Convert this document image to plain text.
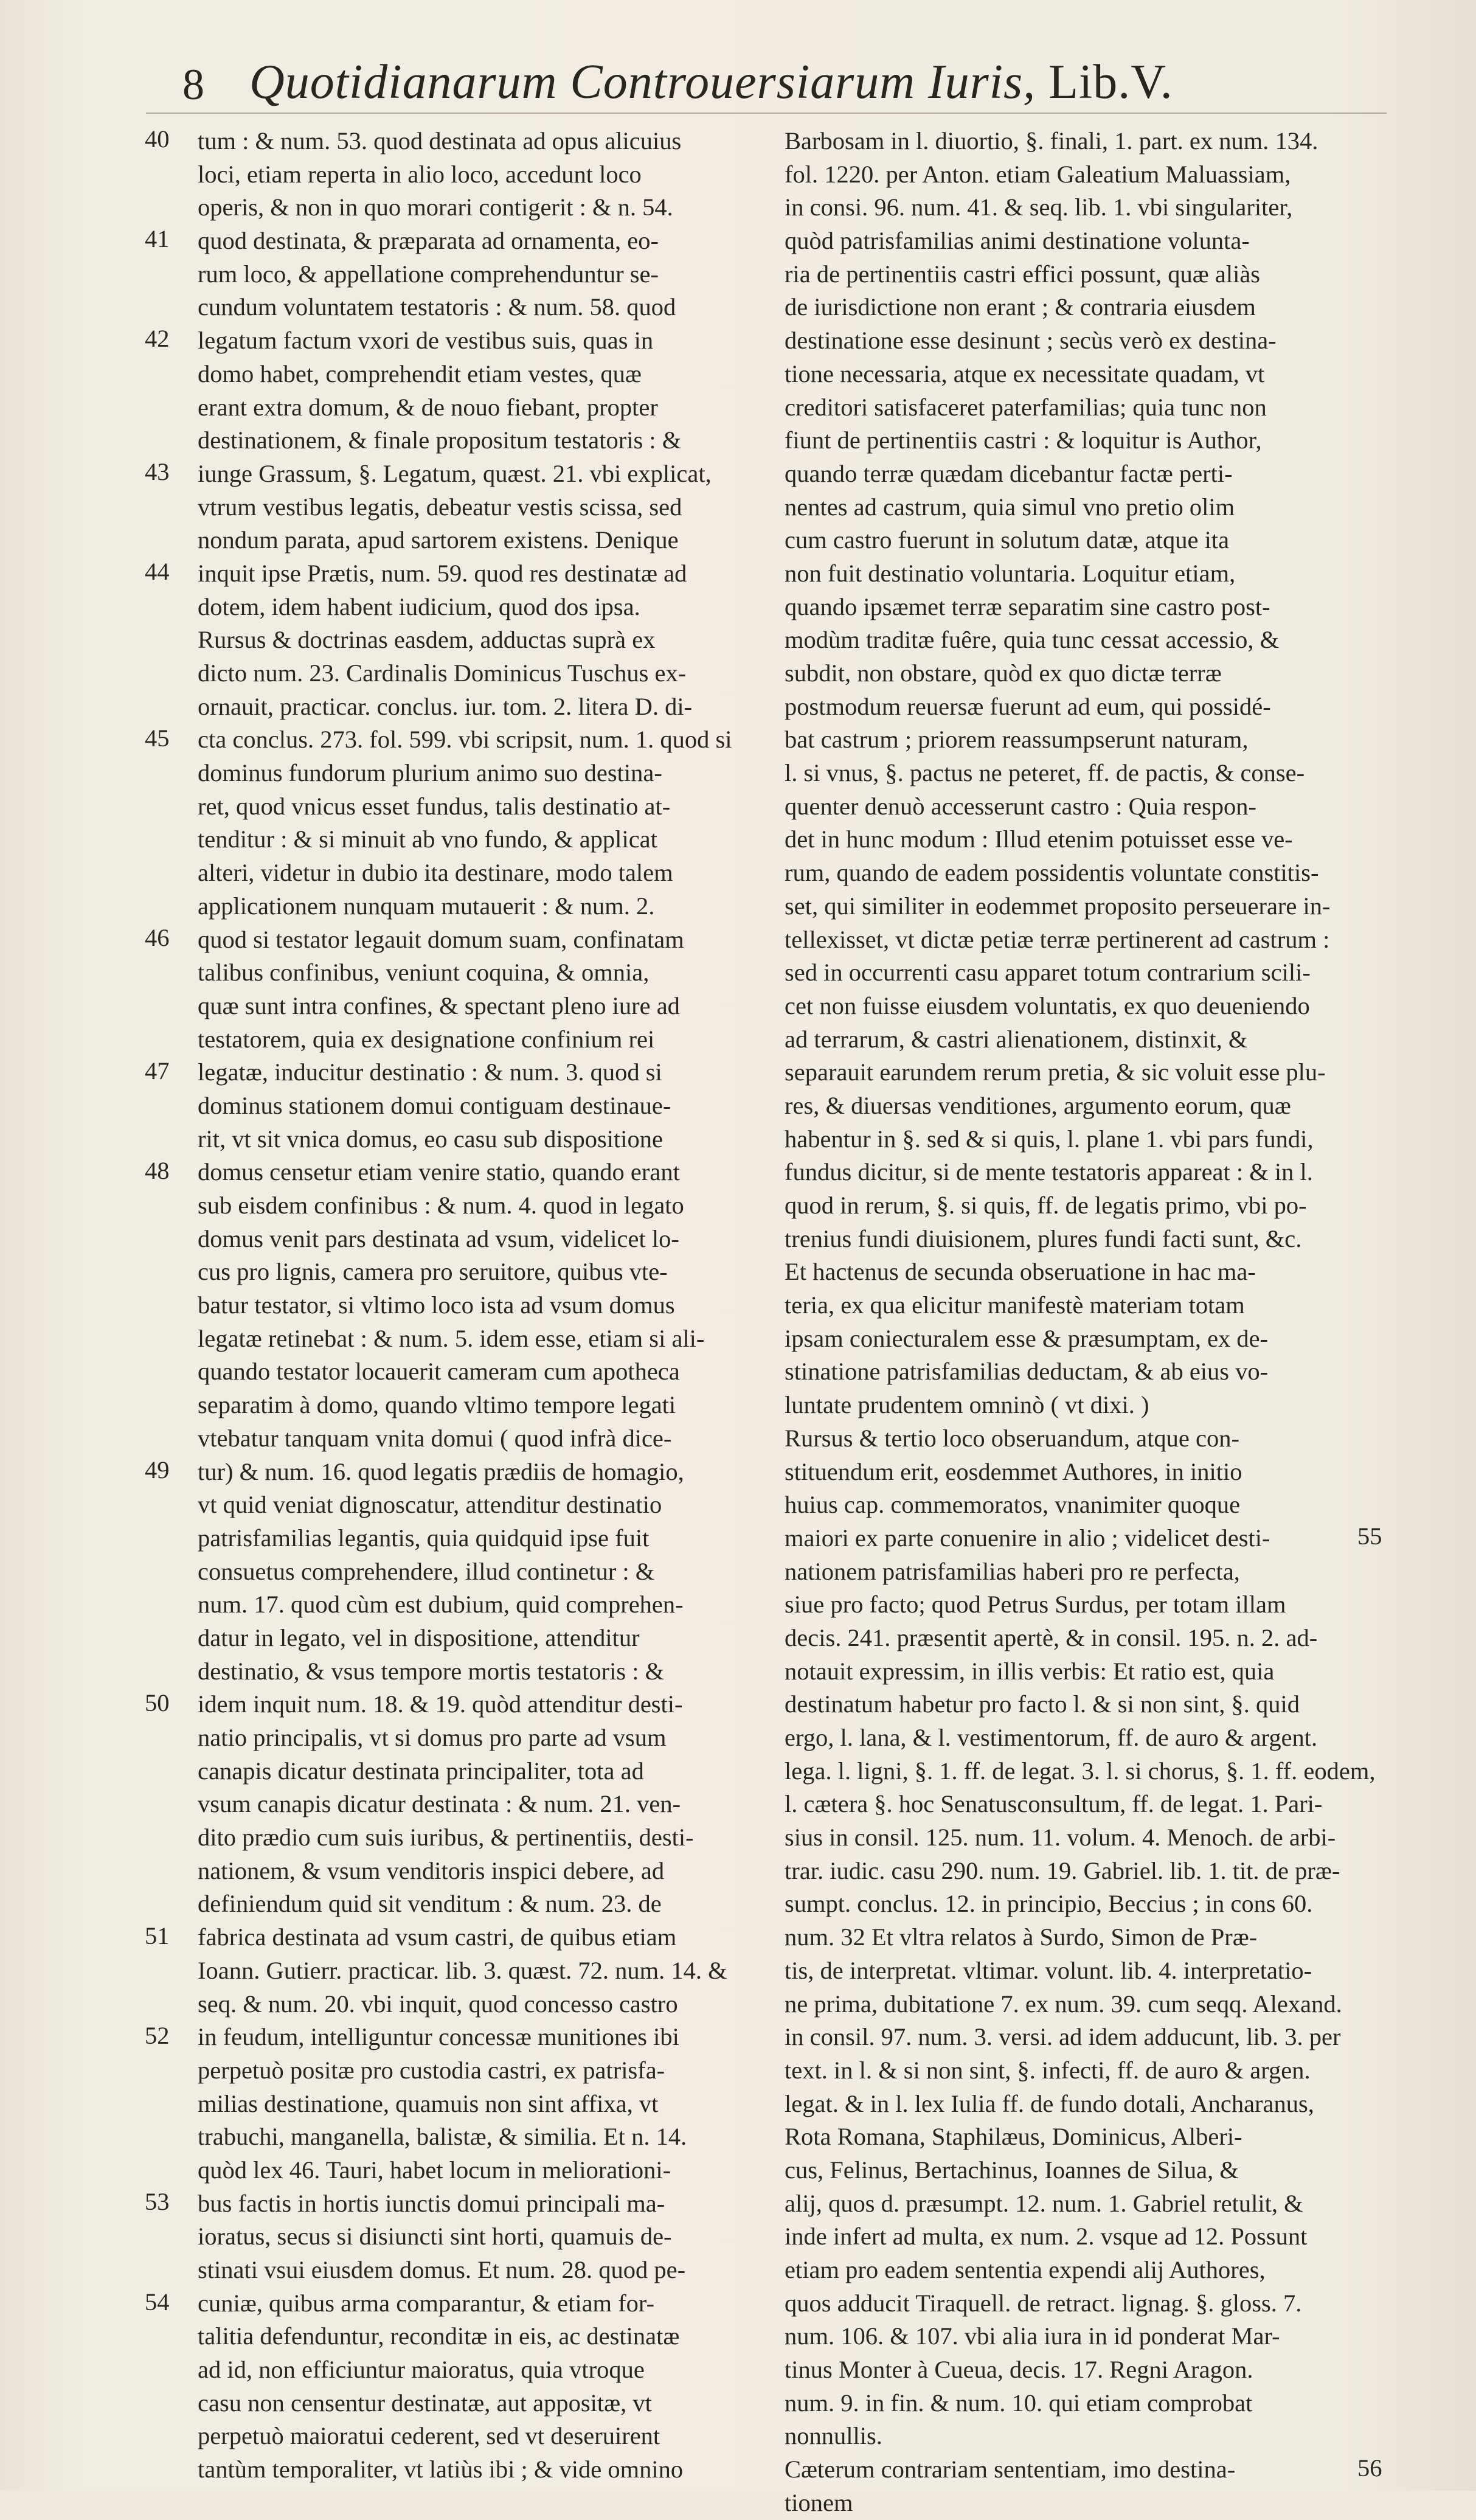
8 Quotidianarum Controuersiarum Iuris, Lib.V.
40
41
42
43
44
45
46
47
48
49
50
51
52
53
54
tum : & num. 53. quod destinata ad opus alicuius
loci, etiam reperta in alio loco, accedunt loco
operis, & non in quo morari contigerit : & n. 54.
quod destinata, & præparata ad ornamenta, eo-
rum loco, & appellatione comprehenduntur se-
cundum voluntatem testatoris : & num. 58. quod
legatum factum vxori de vestibus suis, quas in
domo habet, comprehendit etiam vestes, quæ
erant extra domum, & de nouo fiebant, propter
destinationem, & finale propositum testatoris : &
iunge Grassum, §. Legatum, quæst. 21. vbi explicat,
vtrum vestibus legatis, debeatur vestis scissa, sed
nondum parata, apud sartorem existens. Denique
inquit ipse Prætis, num. 59. quod res destinatæ ad
dotem, idem habent iudicium, quod dos ipsa.
Rursus & doctrinas easdem, adductas suprà ex
dicto num. 23. Cardinalis Dominicus Tuschus ex-
ornauit, practicar. conclus. iur. tom. 2. litera D. di-
cta conclus. 273. fol. 599. vbi scripsit, num. 1. quod si
dominus fundorum plurium animo suo destina-
ret, quod vnicus esset fundus, talis destinatio at-
tenditur : & si minuit ab vno fundo, & applicat
alteri, videtur in dubio ita destinare, modo talem
applicationem nunquam mutauerit : & num. 2.
quod si testator legauit domum suam, confinatam
talibus confinibus, veniunt coquina, & omnia,
quæ sunt intra confines, & spectant pleno iure ad
testatorem, quia ex designatione confinium rei
legatæ, inducitur destinatio : & num. 3. quod si
dominus stationem domui contiguam destinaue-
rit, vt sit vnica domus, eo casu sub dispositione
domus censetur etiam venire statio, quando erant
sub eisdem confinibus : & num. 4. quod in legato
domus venit pars destinata ad vsum, videlicet lo-
cus pro lignis, camera pro seruitore, quibus vte-
batur testator, si vltimo loco ista ad vsum domus
legatæ retinebat : & num. 5. idem esse, etiam si ali-
quando testator locauerit cameram cum apotheca
separatim à domo, quando vltimo tempore legati
vtebatur tanquam vnita domui ( quod infrà dice-
tur) & num. 16. quod legatis prædiis de homagio,
vt quid veniat dignoscatur, attenditur destinatio
patrisfamilias legantis, quia quidquid ipse fuit
consuetus comprehendere, illud continetur : &
num. 17. quod cùm est dubium, quid comprehen-
datur in legato, vel in dispositione, attenditur
destinatio, & vsus tempore mortis testatoris : &
idem inquit num. 18. & 19. quòd attenditur desti-
natio principalis, vt si domus pro parte ad vsum
canapis dicatur destinata principaliter, tota ad
vsum canapis dicatur destinata : & num. 21. ven-
dito prædio cum suis iuribus, & pertinentiis, desti-
nationem, & vsum venditoris inspici debere, ad
definiendum quid sit venditum : & num. 23. de
fabrica destinata ad vsum castri, de quibus etiam
Ioann. Gutierr. practicar. lib. 3. quæst. 72. num. 14. &
seq. & num. 20. vbi inquit, quod concesso castro
in feudum, intelliguntur concessæ munitiones ibi
perpetuò positæ pro custodia castri, ex patrisfa-
milias destinatione, quamuis non sint affixa, vt
trabuchi, manganella, balistæ, & similia. Et n. 14.
quòd lex 46. Tauri, habet locum in meliorationi-
bus factis in hortis iunctis domui principali ma-
ioratus, secus si disiuncti sint horti, quamuis de-
stinati vsui eiusdem domus. Et num. 28. quod pe-
cuniæ, quibus arma comparantur, & etiam for-
talitia defenduntur, reconditæ in eis, ac destinatæ
ad id, non efficiuntur maioratus, quia vtroque
casu non censentur destinatæ, aut appositæ, vt
perpetuò maioratui cederent, sed vt deseruirent
tantùm temporaliter, vt latiùs ibi ; & vide omnino
Barbosam in l. diuortio, §. finali, 1. part. ex num. 134.
fol. 1220. per Anton. etiam Galeatium Maluassiam,
in consi. 96. num. 41. & seq. lib. 1. vbi singulariter,
quòd patrisfamilias animi destinatione volunta-
ria de pertinentiis castri effici possunt, quæ aliàs
de iurisdictione non erant ; & contraria eiusdem
destinatione esse desinunt ; secùs verò ex destina-
tione necessaria, atque ex necessitate quadam, vt
creditori satisfaceret paterfamilias; quia tunc non
fiunt de pertinentiis castri : & loquitur is Author,
quando terræ quædam dicebantur factæ perti-
nentes ad castrum, quia simul vno pretio olim
cum castro fuerunt in solutum datæ, atque ita
non fuit destinatio voluntaria. Loquitur etiam,
quando ipsæmet terræ separatim sine castro post-
modùm traditæ fuêre, quia tunc cessat accessio, &
subdit, non obstare, quòd ex quo dictæ terræ
postmodum reuersæ fuerunt ad eum, qui possidé-
bat castrum ; priorem reassumpserunt naturam,
l. si vnus, §. pactus ne peteret, ff. de pactis, & conse-
quenter denuò accesserunt castro : Quia respon-
det in hunc modum : Illud etenim potuisset esse ve-
rum, quando de eadem possidentis voluntate constitis-
set, qui similiter in eodemmet proposito perseuerare in-
tellexisset, vt dictæ petiæ terræ pertinerent ad castrum :
sed in occurrenti casu apparet totum contrarium scili-
cet non fuisse eiusdem voluntatis, ex quo deueniendo
ad terrarum, & castri alienationem, distinxit, &
separauit earundem rerum pretia, & sic voluit esse plu-
res, & diuersas venditiones, argumento eorum, quæ
habentur in §. sed & si quis, l. plane 1. vbi pars fundi,
fundus dicitur, si de mente testatoris appareat : & in l.
quod in rerum, §. si quis, ff. de legatis primo, vbi po-
trenius fundi diuisionem, plures fundi facti sunt, &c.
Et hactenus de secunda obseruatione in hac ma-
teria, ex qua elicitur manifestè materiam totam
ipsam coniecturalem esse & præsumptam, ex de-
stinatione patrisfamilias deductam, & ab eius vo-
luntate prudentem omninò ( vt dixi. )
Rursus & tertio loco obseruandum, atque con-
stituendum erit, eosdemmet Authores, in initio
huius cap. commemoratos, vnanimiter quoque
maiori ex parte conuenire in alio ; videlicet desti-
nationem patrisfamilias haberi pro re perfecta,
siue pro facto; quod Petrus Surdus, per totam illam
decis. 241. præsentit apertè, & in consil. 195. n. 2. ad-
notauit expressim, in illis verbis: Et ratio est, quia
destinatum habetur pro facto l. & si non sint, §. quid
ergo, l. lana, & l. vestimentorum, ff. de auro & argent.
lega. l. ligni, §. 1. ff. de legat. 3. l. si chorus, §. 1. ff. eodem,
l. cætera §. hoc Senatusconsultum, ff. de legat. 1. Pari-
sius in consil. 125. num. 11. volum. 4. Menoch. de arbi-
trar. iudic. casu 290. num. 19. Gabriel. lib. 1. tit. de præ-
sumpt. conclus. 12. in principio, Beccius ; in cons 60.
num. 32 Et vltra relatos à Surdo, Simon de Præ-
tis, de interpretat. vltimar. volunt. lib. 4. interpretatio-
ne prima, dubitatione 7. ex num. 39. cum seqq. Alexand.
in consil. 97. num. 3. versi. ad idem adducunt, lib. 3. per
text. in l. & si non sint, §. infecti, ff. de auro & argen.
legat. & in l. lex Iulia ff. de fundo dotali, Ancharanus,
Rota Romana, Staphilæus, Dominicus, Alberi-
cus, Felinus, Bertachinus, Ioannes de Silua, &
alij, quos d. præsumpt. 12. num. 1. Gabriel retulit, &
inde infert ad multa, ex num. 2. vsque ad 12. Possunt
etiam pro eadem sententia expendi alij Authores,
quos adducit Tiraquell. de retract. lignag. §. gloss. 7.
num. 106. & 107. vbi alia iura in id ponderat Mar-
tinus Monter à Cueua, decis. 17. Regni Aragon.
num. 9. in fin. & num. 10. qui etiam comprobat
nonnullis.
Cæterum contrariam sententiam, imo destina-
tionem
55
56
